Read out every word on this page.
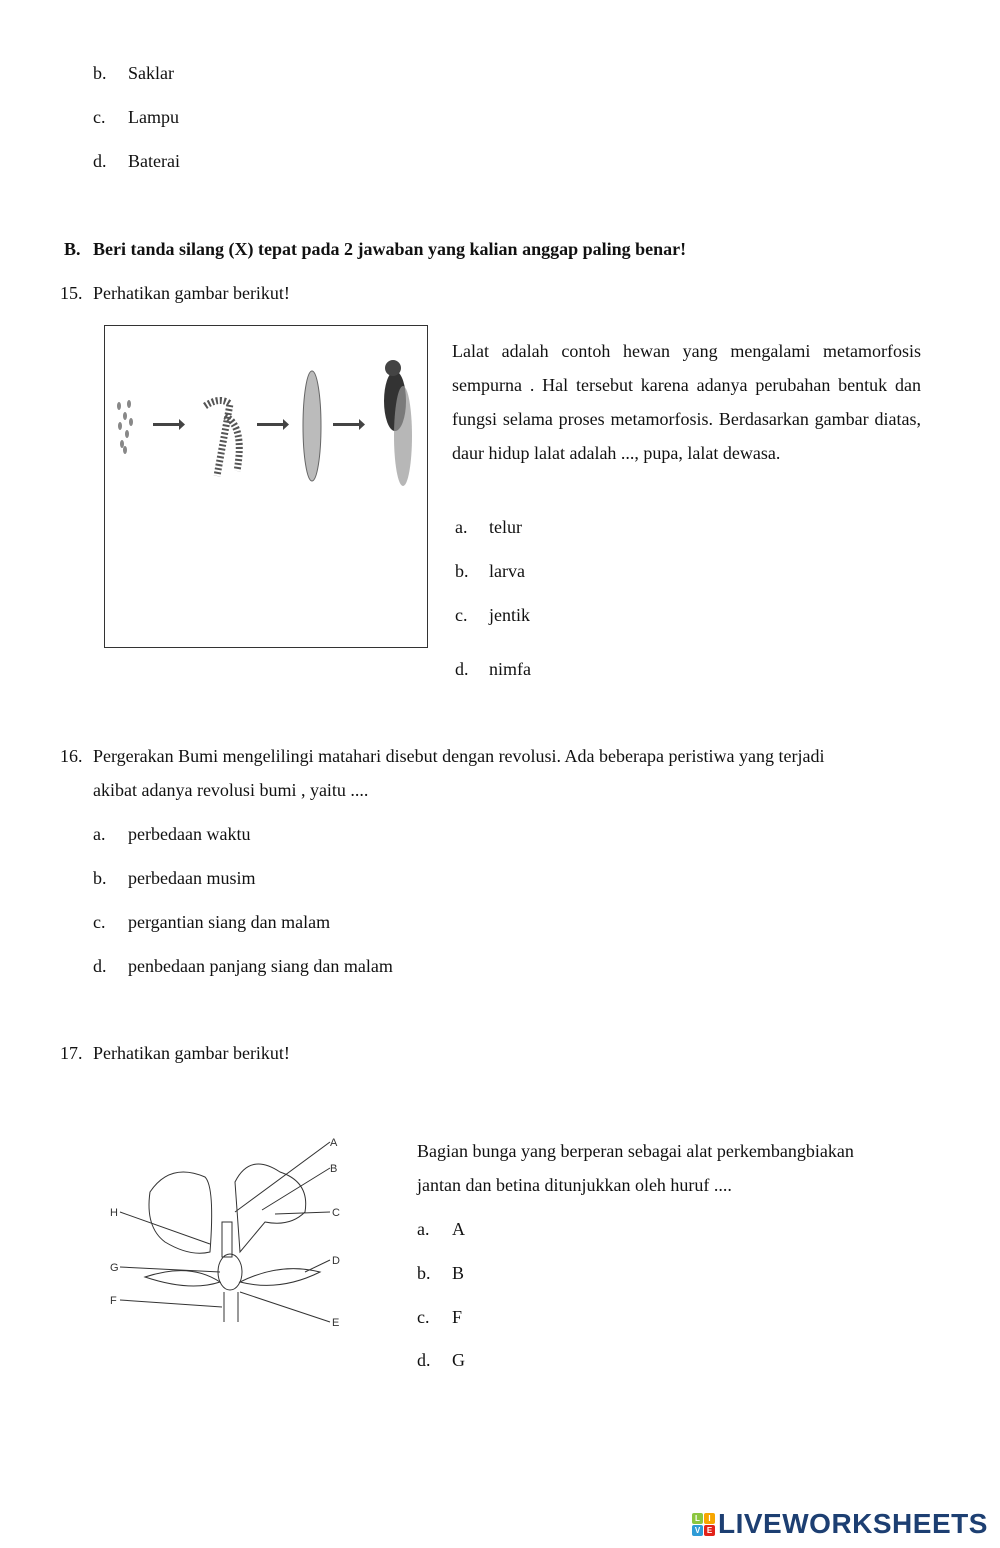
b. Saklar
c. Lampu
d. Baterai
B. Beri tanda silang (X) tepat pada 2 jawaban yang kalian anggap paling benar!
15. Perhatikan gambar berikut!
Lalat adalah contoh hewan yang mengalami metamorfosis sempurna . Hal tersebut karena adanya perubahan bentuk dan fungsi selama proses metamorfosis. Berdasarkan gambar diatas, daur hidup lalat adalah ..., pupa, lalat dewasa.
a. telur
b. larva
c. jentik
d. nimfa
16. Pergerakan Bumi mengelilingi matahari disebut dengan revolusi. Ada beberapa peristiwa yang terjadi
akibat adanya revolusi bumi , yaitu ....
a. perbedaan waktu
b. perbedaan musim
c. pergantian siang dan malam
d. penbedaan panjang siang dan malam
17. Perhatikan gambar berikut!
A
B
C
D
E
F
G
H
Bagian bunga yang berperan sebagai alat perkembangbiakan
jantan dan betina ditunjukkan oleh huruf ....
a. A
b. B
c. F
d. G
L	I
V E LIVEWORKSHEETS
